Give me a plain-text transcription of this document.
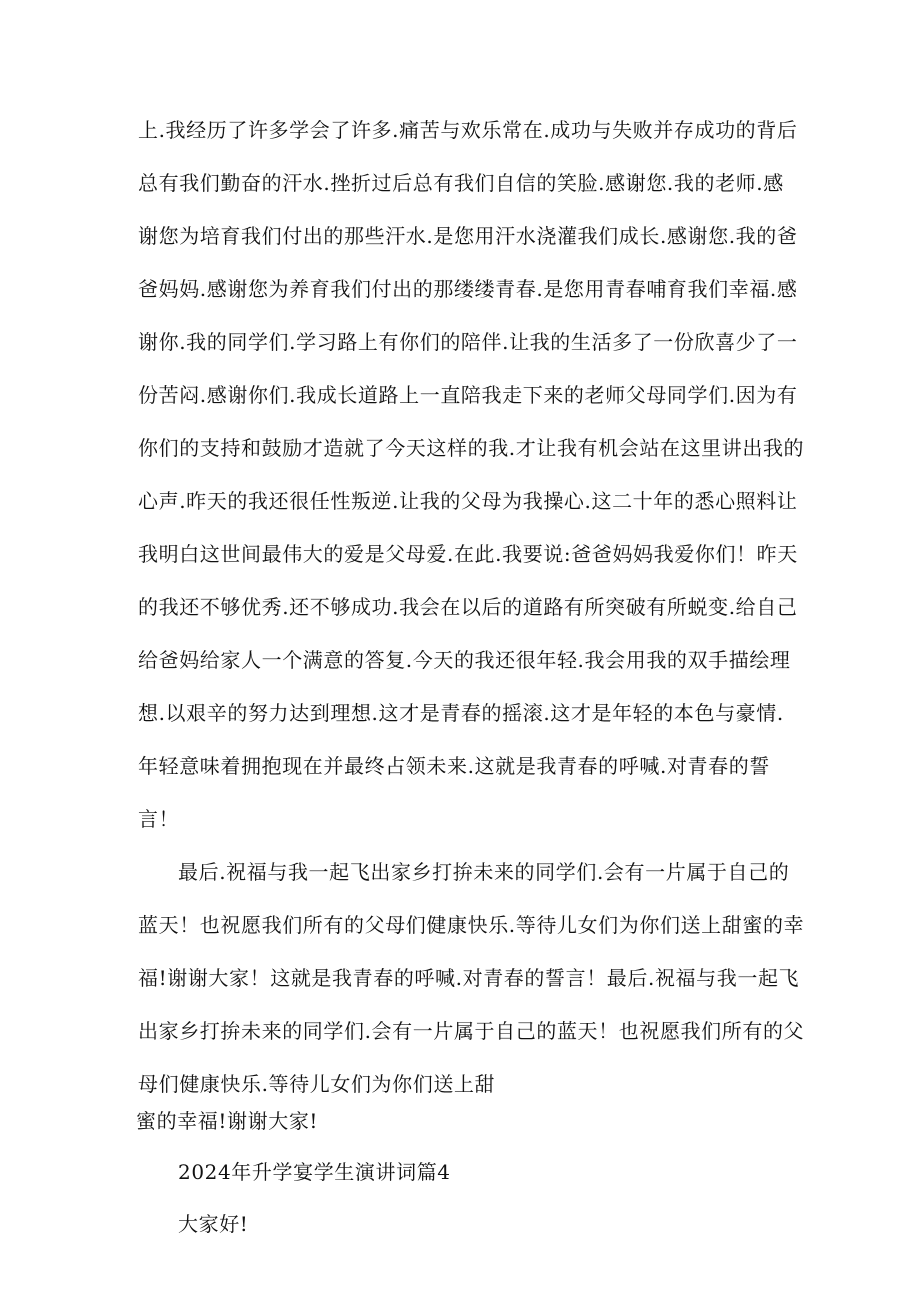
上.我经历了许多学会了许多.痛苦与欢乐常在.成功与失败并存成功的背后
总有我们勤奋的汗水.挫折过后总有我们自信的笑脸.感谢您.我的老师.感
谢您为培育我们付出的那些汗水.是您用汗水浇灌我们成长.感谢您.我的爸
爸妈妈.感谢您为养育我们付出的那缕缕青春.是您用青春哺育我们幸福.感
谢你.我的同学们.学习路上有你们的陪伴.让我的生活多了一份欣喜少了一
份苦闷.感谢你们.我成长道路上一直陪我走下来的老师父母同学们.因为有
你们的支持和鼓励才造就了今天这样的我.才让我有机会站在这里讲出我的
心声.昨天的我还很任性叛逆.让我的父母为我操心.这二十年的悉心照料让
我明白这世间最伟大的爱是父母爱.在此.我要说:爸爸妈妈我爱你们！昨天
的我还不够优秀.还不够成功.我会在以后的道路有所突破有所蜕变.给自己
给爸妈给家人一个满意的答复.今天的我还很年轻.我会用我的双手描绘理
想.以艰辛的努力达到理想.这才是青春的摇滚.这才是年轻的本色与豪情.
年轻意味着拥抱现在并最终占领未来.这就是我青春的呼喊.对青春的誓
言！
最后.祝福与我一起飞出家乡打拚未来的同学们.会有一片属于自己的
蓝天！也祝愿我们所有的父母们健康快乐.等待儿女们为你们送上甜蜜的幸
福!谢谢大家！这就是我青春的呼喊.对青春的誓言！最后.祝福与我一起飞
出家乡打拚未来的同学们.会有一片属于自己的蓝天！也祝愿我们所有的父
母们健康快乐.等待儿女们为你们送上甜
蜜的幸福!谢谢大家!
2024年升学宴学生演讲词篇4
大家好!
